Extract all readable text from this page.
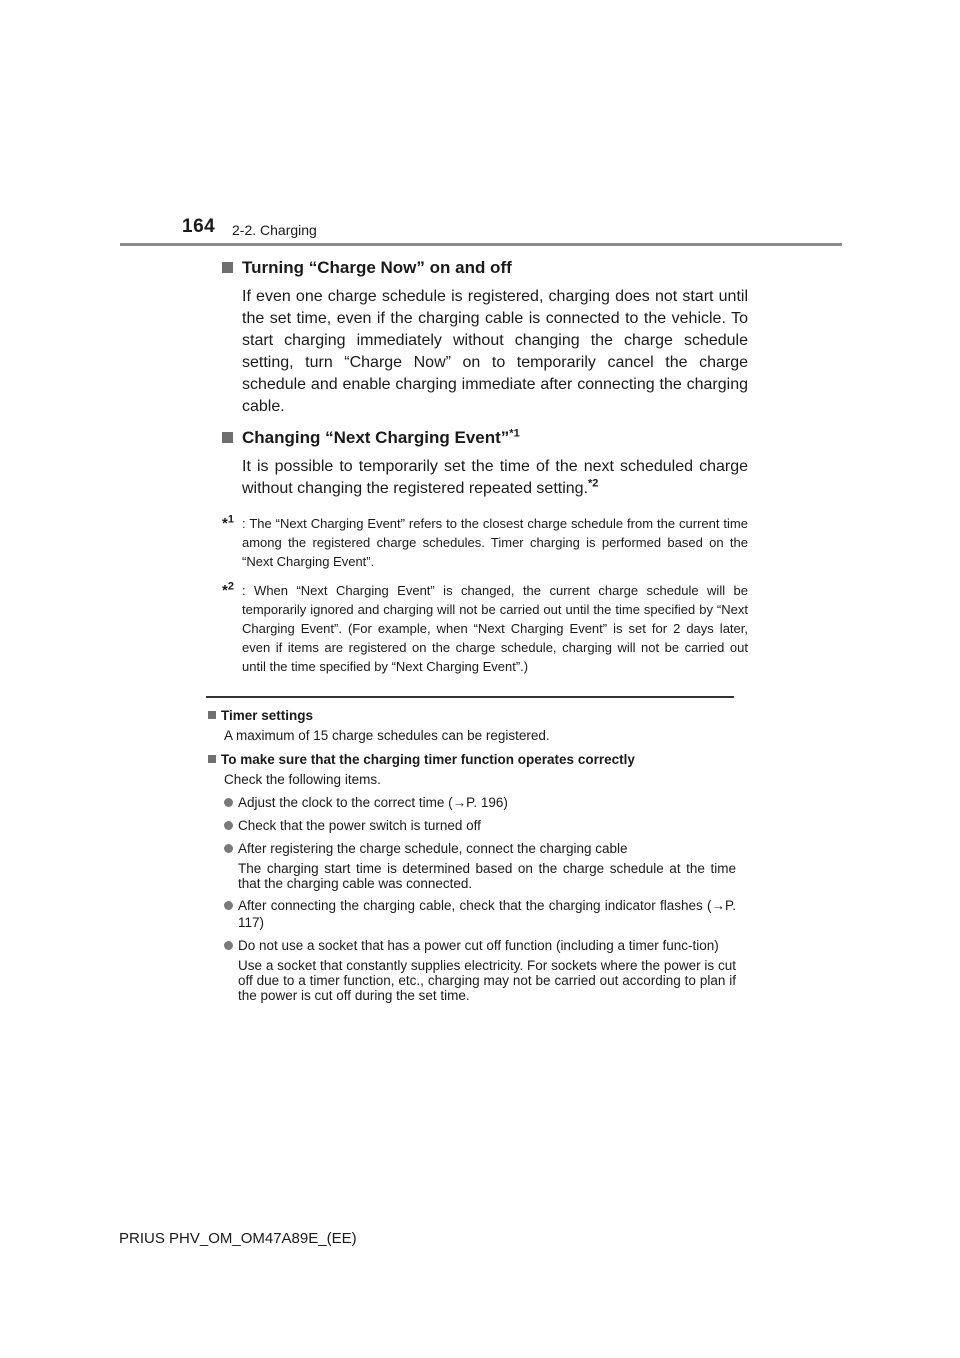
164 2-2. Charging
Turning “Charge Now” on and off
If even one charge schedule is registered, charging does not start until the set time, even if the charging cable is connected to the vehicle. To start charging immediately without changing the charge schedule setting, turn “Charge Now” on to temporarily cancel the charge schedule and enable charging immediate after connecting the charging cable.
Changing “Next Charging Event”$^{*1}$
It is possible to temporarily set the time of the next scheduled charge without changing the registered repeated setting.$^{*2}$
*$^1$ : The “Next Charging Event” refers to the closest charge schedule from the current time among the registered charge schedules. Timer charging is performed based on the “Next Charging Event”.
*$^2$ : When “Next Charging Event” is changed, the current charge schedule will be temporarily ignored and charging will not be carried out until the time specified by “Next Charging Event”. (For example, when “Next Charging Event” is set for 2 days later, even if items are registered on the charge schedule, charging will not be carried out until the time specified by “Next Charging Event”.)
Timer settings
A maximum of 15 charge schedules can be registered.
To make sure that the charging timer function operates correctly
Check the following items.
Adjust the clock to the correct time (→P. 196)
Check that the power switch is turned off
After registering the charge schedule, connect the charging cable
The charging start time is determined based on the charge schedule at the time that the charging cable was connected.
After connecting the charging cable, check that the charging indicator flashes (→P. 117)
Do not use a socket that has a power cut off function (including a timer func-tion)
Use a socket that constantly supplies electricity. For sockets where the power is cut off due to a timer function, etc., charging may not be carried out according to plan if the power is cut off during the set time.
PRIUS PHV_OM_OM47A89E_(EE)
